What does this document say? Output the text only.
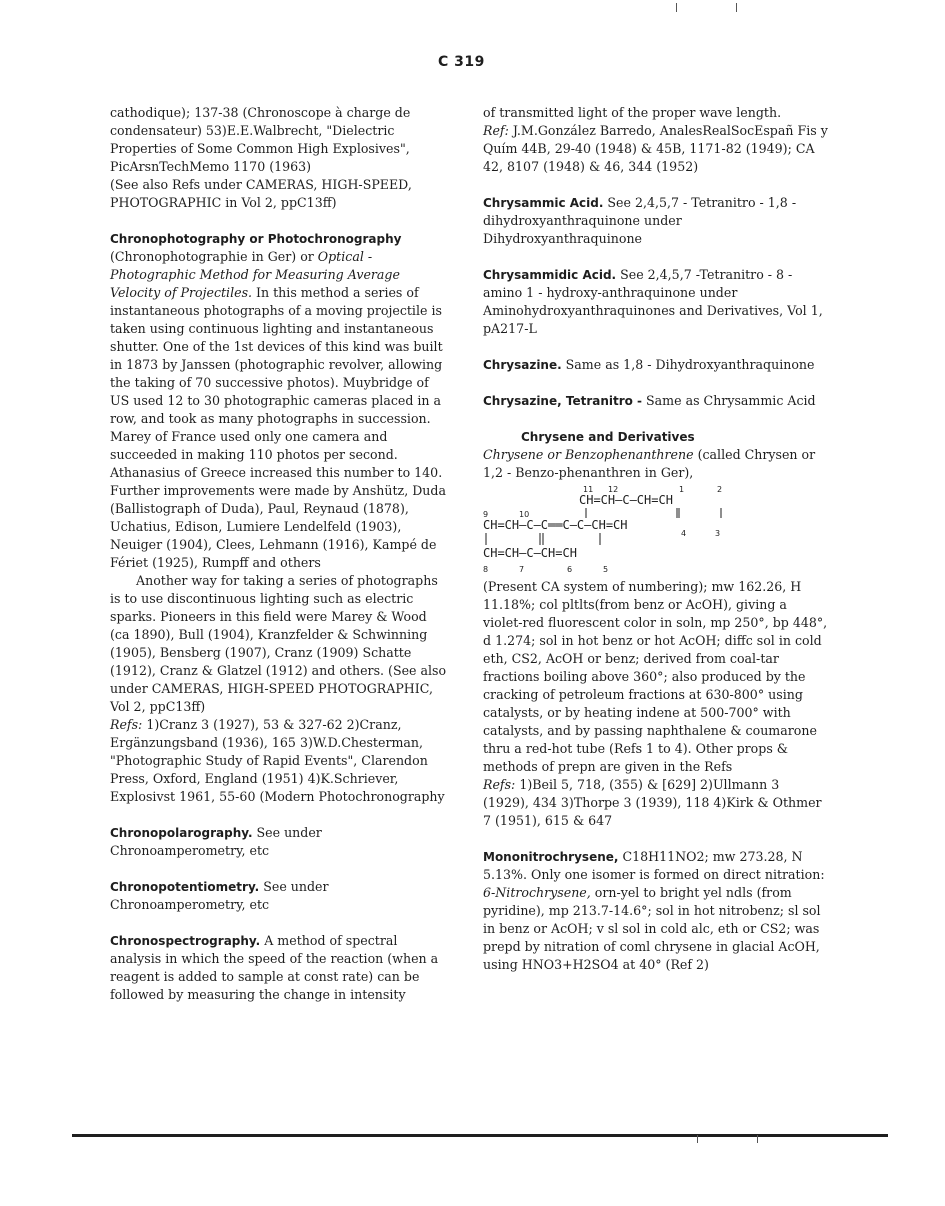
C 319

cathodique); 137-38 (Chronoscope à charge de condensateur) 53)E.E.Walbrecht, "Dielectric Properties of Some Common High Explosives", PicArsnTechMemo 1170 (1963)

(See also Refs under CAMERAS, HIGH-SPEED, PHOTOGRAPHIC in Vol 2, ppC13ff)

Chronophotography or Photochronography
(Chronophotographie in Ger) or Optical -Photographic Method for Measuring Average Velocity of Projectiles. In this method a series of instantaneous photographs of a moving projectile is taken using continuous lighting and instantaneous shutter. One of the 1st devices of this kind was built in 1873 by Janssen (photographic revolver, allowing the taking of 70 successive photos). Muybridge of US used 12 to 30 photographic cameras placed in a row, and took as many photographs in succession. Marey of France used only one camera and succeeded in making 110 photos per second. Athanasius of Greece increased this number to 140. Further improvements were made by Anshütz, Duda (Ballistograph of Duda), Paul, Reynaud (1878), Uchatius, Edison, Lumiere Lendelfeld (1903), Neuiger (1904), Clees, Lehmann (1916), Kampé de Fériet (1925), Rumpff and others

Another way for taking a series of photographs is to use discontinuous lighting such as electric sparks. Pioneers in this field were Marey & Wood (ca 1890), Bull (1904), Kranzfelder & Schwinning (1905), Bensberg (1907), Cranz (1909) Schatte (1912), Cranz & Glatzel (1912) and others. (See also under CAMERAS, HIGH-SPEED PHOTOGRAPHIC, Vol 2, ppC13ff)

Refs: 1)Cranz 3 (1927), 53 & 327-62 2)Cranz, Ergänzungsband (1936), 165 3)W.D.Chesterman, "Photographic Study of Rapid Events", Clarendon Press, Oxford, England (1951) 4)K.Schriever, Explosivst 1961, 55-60 (Modern Photochronography

Chronopolarography. See under Chronoamperometry, etc

Chronopotentiometry. See under Chronoamperometry, etc

Chronospectrography. A method of spectral analysis in which the speed of the reaction (when a reagent is added to sample at const rate) can be followed by measuring the change in intensity

of transmitted light of the proper wave length.

Ref: J.M.González Barredo, AnalesRealSocEspañ Fis y Quím 44B, 29-40 (1948) & 45B, 1171-82 (1949); CA 42, 8107 (1948) & 46, 344 (1952)

Chrysammic Acid. See 2,4,5,7 - Tetranitro - 1,8 -dihydroxyanthraquinone under Dihydroxyanthraquinone

Chrysammidic Acid. See 2,4,5,7 -Tetranitro - 8 - amino 1 - hydroxy-anthraquinone under Aminohydroxyanthraquinones and Derivatives, Vol 1, pA217-L

Chrysazine. Same as 1,8 - Dihydroxyanthraquinone

Chrysazine, Tetranitro - Same as Chrysammic Acid

Chrysene and Derivatives

Chrysene or Benzophenanthrene (called Chrysen or 1,2 - Benzo-phenanthren in Ger),

11 12	1	2
CH=CH—C—CH=CH
9	10
CH=CH—C—C══C—C—CH=CH
4	3
CH=CH—C—CH=CH
8	7	6	5

(Present CA system of numbering); mw 162.26, H 11.18%; col pltlts(from benz or AcOH), giving a violet-red fluorescent color in soln, mp 250°, bp 448°, d 1.274; sol in hot benz or hot AcOH; diffc sol in cold eth, CS2, AcOH or benz; derived from coal-tar fractions boiling above 360°; also produced by the cracking of petroleum fractions at 630-800° using catalysts, or by heating indene at 500-700° with catalysts, and by passing naphthalene & coumarone thru a red-hot tube (Refs 1 to 4). Other props & methods of prepn are given in the Refs

Refs: 1)Beil 5, 718, (355) & [629] 2)Ullmann 3 (1929), 434 3)Thorpe 3 (1939), 118 4)Kirk & Othmer 7 (1951), 615 & 647

Mononitrochrysene, C18H11NO2; mw 273.28, N 5.13%. Only one isomer is formed on direct nitration:

6-Nitrochrysene, orn-yel to bright yel ndls (from pyridine), mp 213.7-14.6°; sol in hot nitrobenz; sl sol in benz or AcOH; v sl sol in cold alc, eth or CS2; was prepd by nitration of coml chrysene in glacial AcOH, using HNO3+H2SO4 at 40° (Ref 2)
